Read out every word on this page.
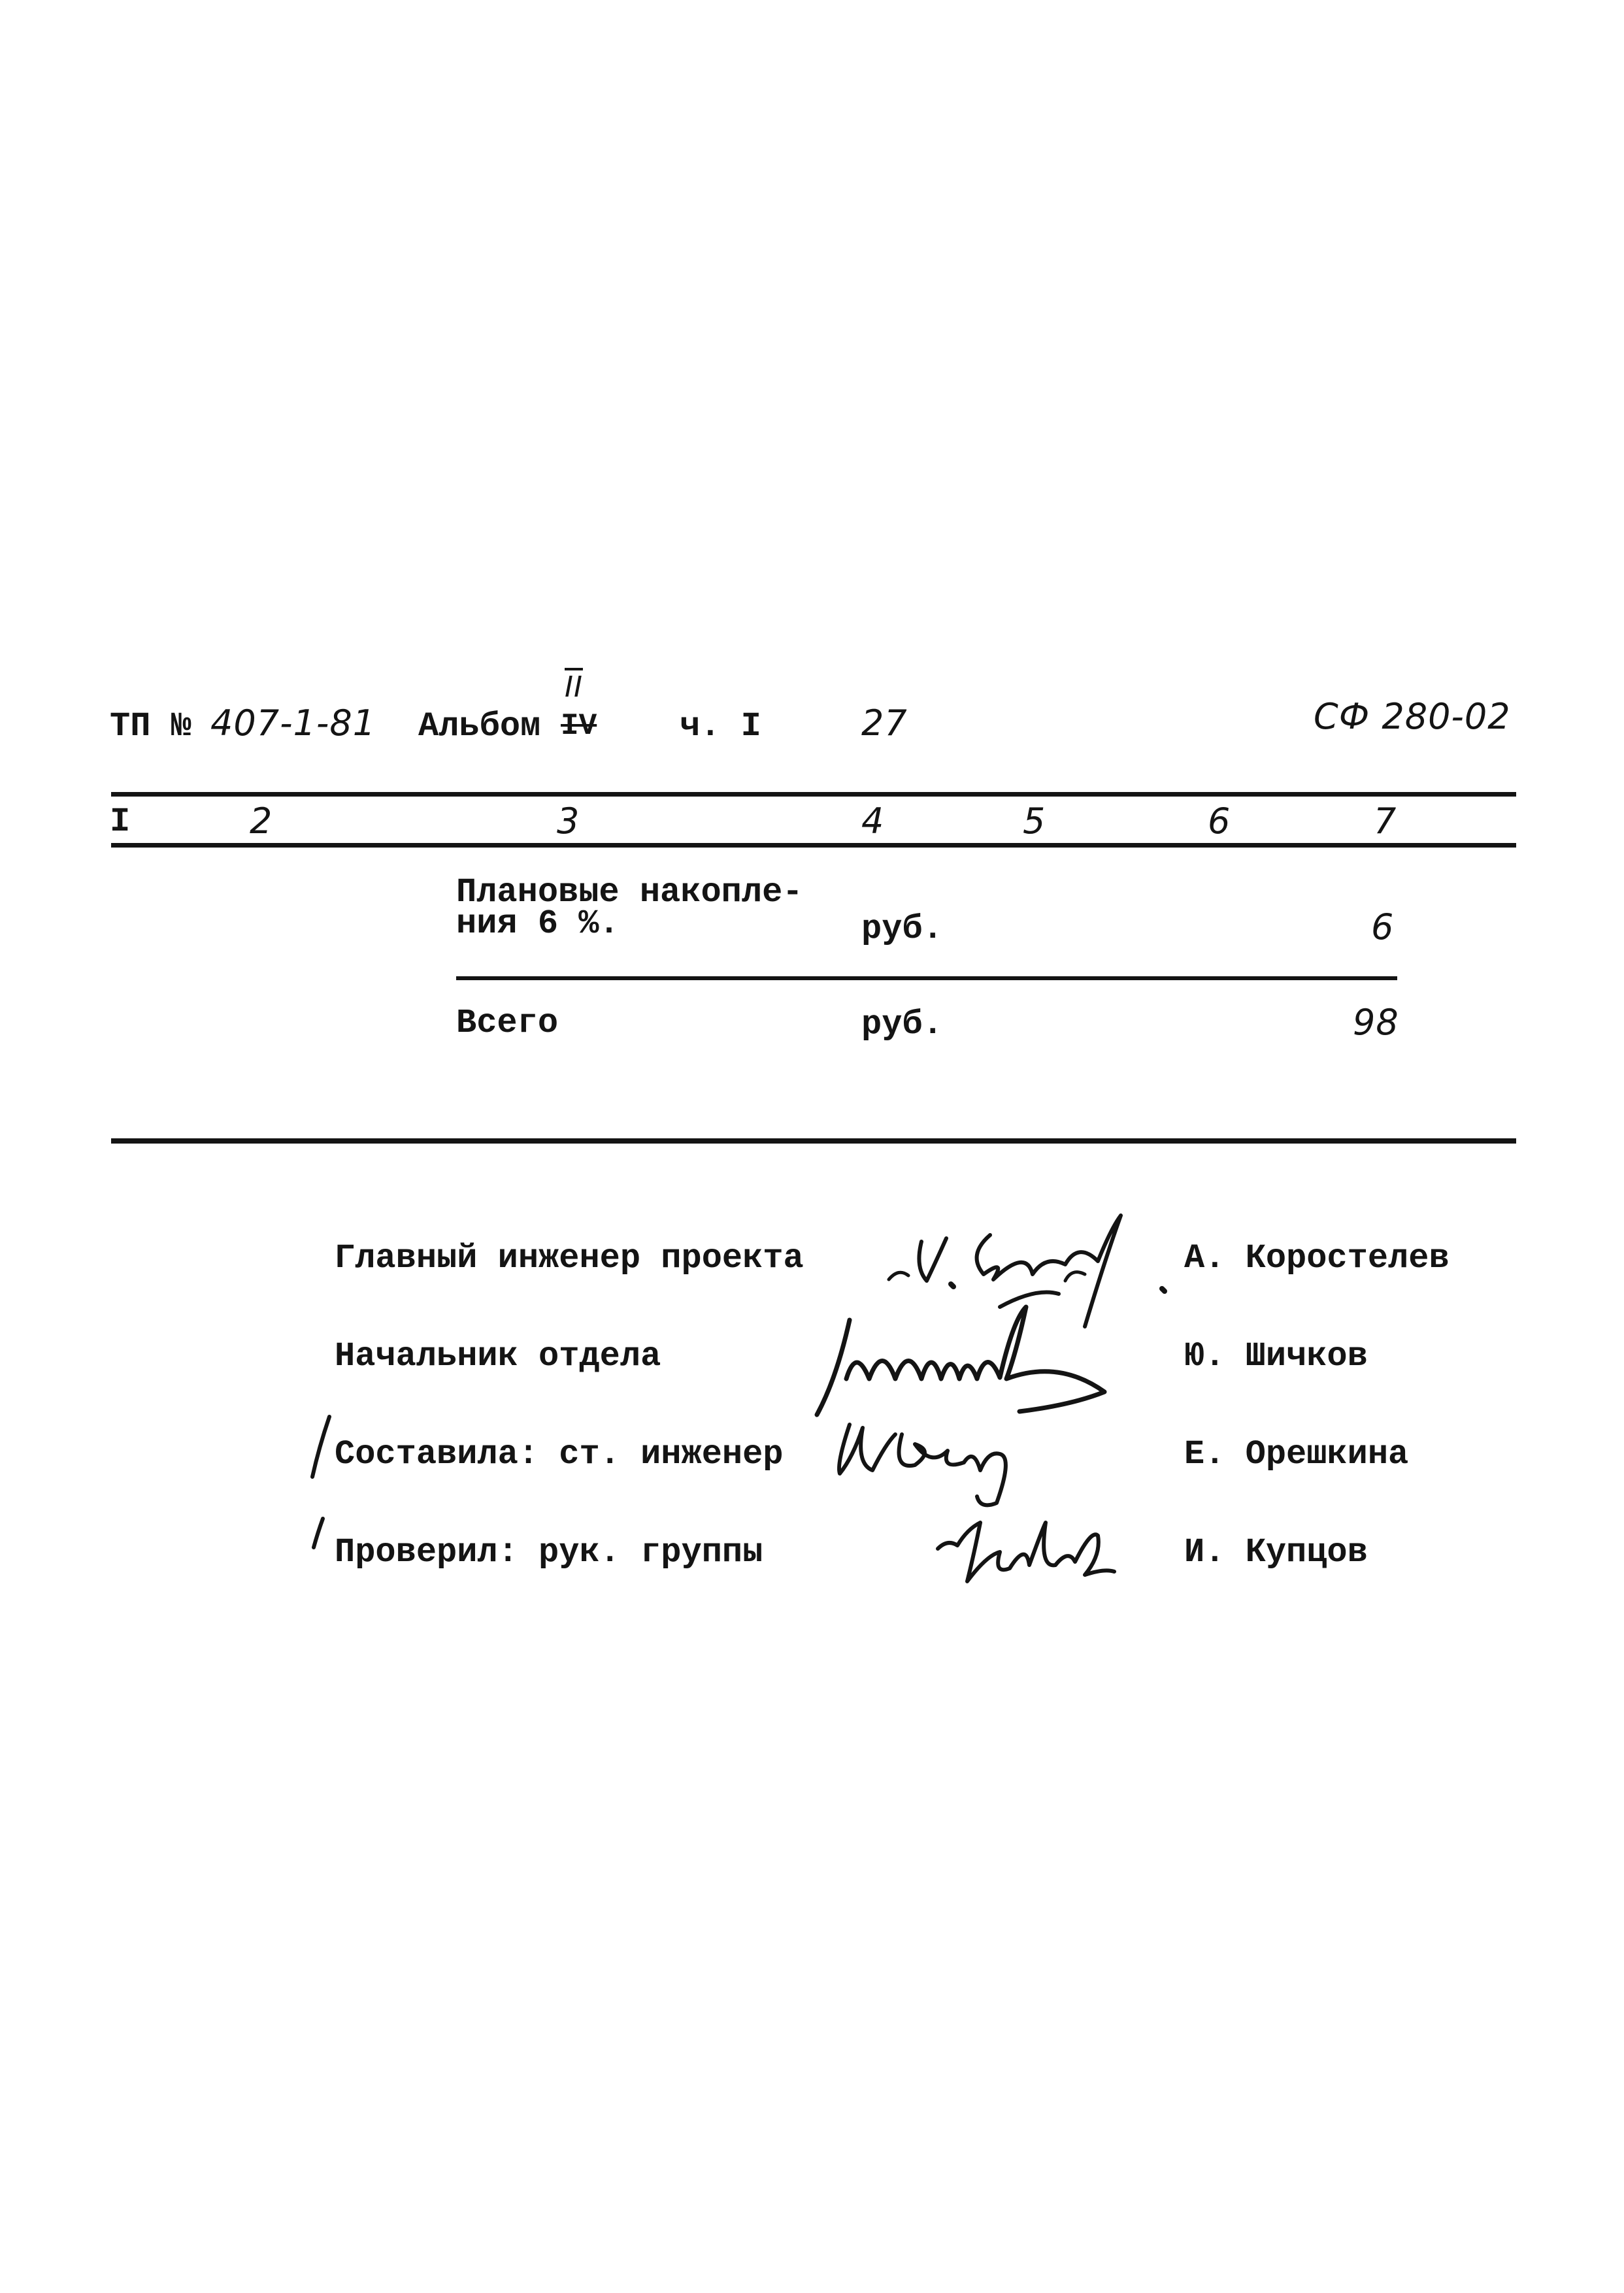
ТП № 407-1-81 Альбом
$\overline{II}$
IV ч. I	27	СФ 280-02
I	2	3	4	5	6	7
Плановые накопле-
ния 6 %.	руб.	6
Всего	руб.	98
Главный инженер проекта	А. Коростелев
Начальник отдела	Ю. Шичков
Составила: ст. инженер	Е. Орешкина
Проверил: рук. группы	И. Купцов
